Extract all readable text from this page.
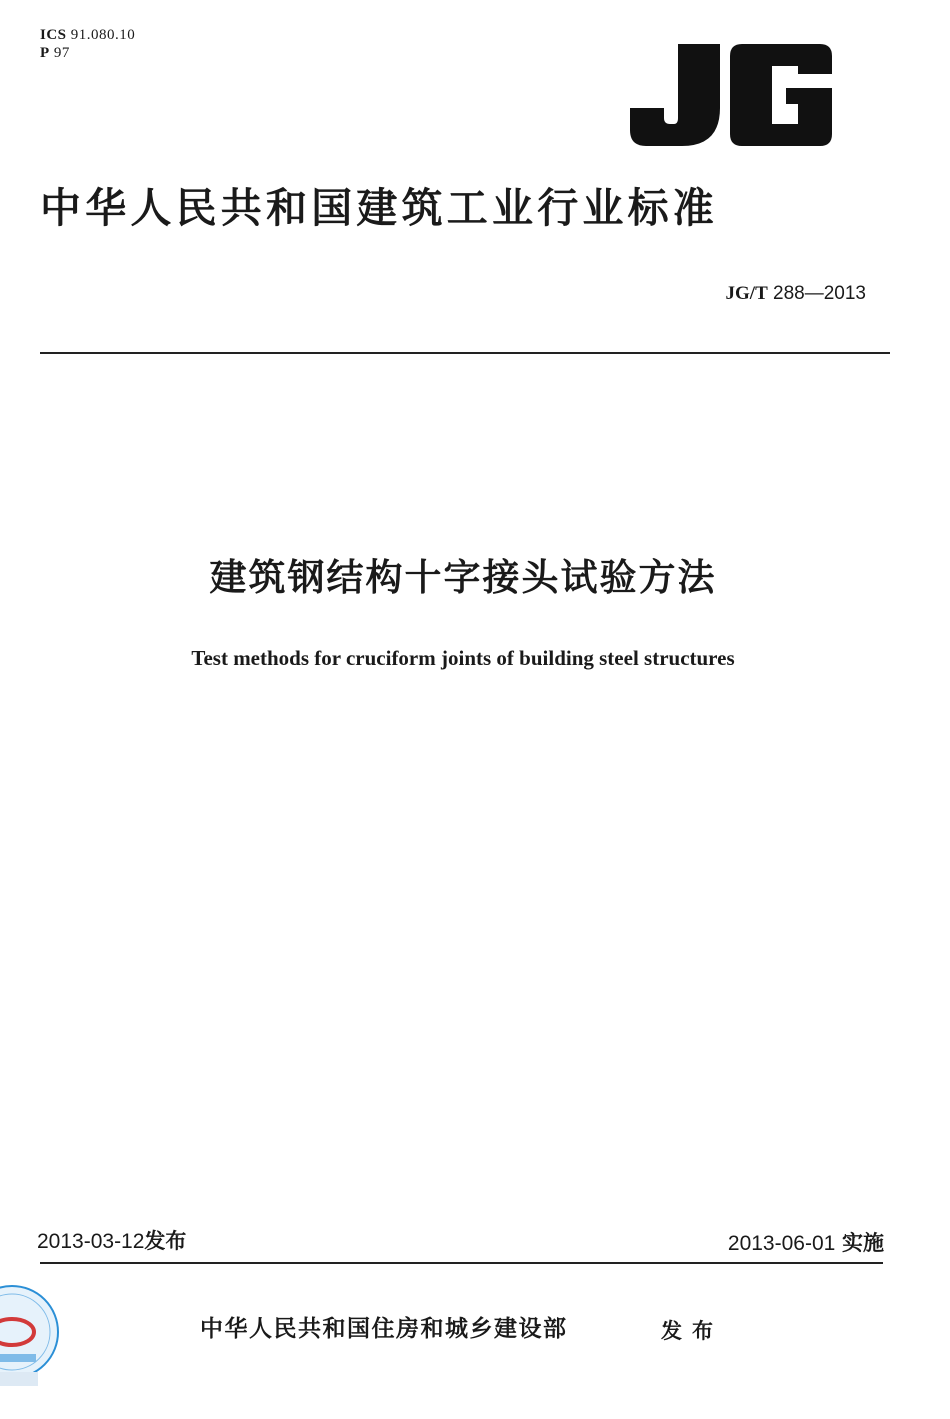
ICS 91.080.10
P 97
中华人民共和国建筑工业行业标准
JG/T 288—2013
建筑钢结构十字接头试验方法
Test methods for cruciform joints of building steel structures
2013-03-12发布	2013-06-01 实施
中华人民共和国住房和城乡建设部	发布
